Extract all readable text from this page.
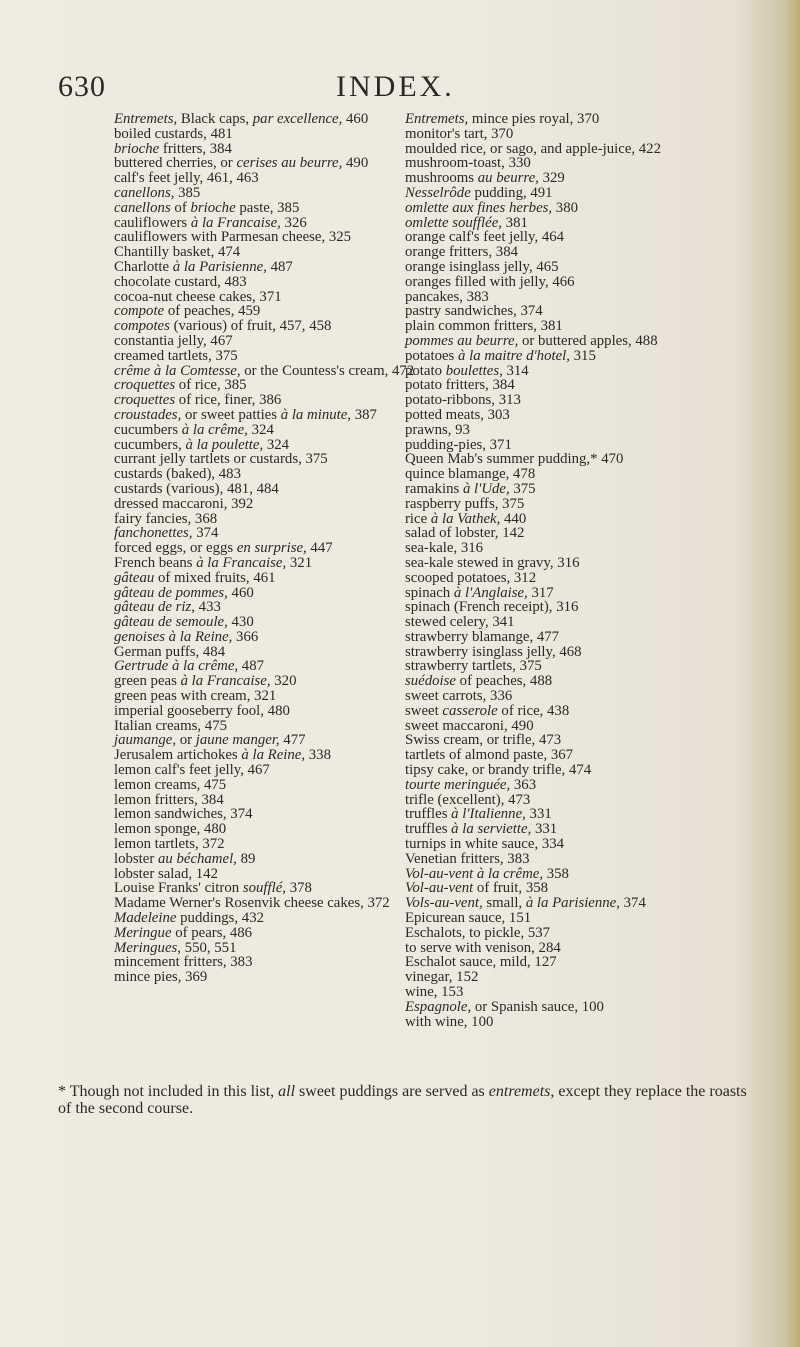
630	INDEX.
Entremets, Black caps, par excellence, 460
boiled custards, 481
brioche fritters, 384
buttered cherries, or cerises au beurre, 490
calf's feet jelly, 461, 463
canellons, 385
canellons of brioche paste, 385
cauliflowers à la Francaise, 326
cauliflowers with Parmesan cheese, 325
Chantilly basket, 474
Charlotte à la Parisienne, 487
chocolate custard, 483
cocoa-nut cheese cakes, 371
compote of peaches, 459
compotes (various) of fruit, 457, 458
constantia jelly, 467
creamed tartlets, 375
crême à la Comtesse, or the Countess's cream, 472
croquettes of rice, 385
croquettes of rice, finer, 386
croustades, or sweet patties à la minute, 387
cucumbers à la crême, 324
cucumbers, à la poulette, 324
currant jelly tartlets or custards, 375
custards (baked), 483
custards (various), 481, 484
dressed maccaroni, 392
fairy fancies, 368
fanchonettes, 374
forced eggs, or eggs en surprise, 447
French beans à la Francaise, 321
gâteau of mixed fruits, 461
gâteau de pommes, 460
gâteau de riz, 433
gâteau de semoule, 430
genoises à la Reine, 366
German puffs, 484
Gertrude à la crême, 487
green peas à la Francaise, 320
green peas with cream, 321
imperial gooseberry fool, 480
Italian creams, 475
jaumange, or jaune manger, 477
Jerusalem artichokes à la Reine, 338
lemon calf's feet jelly, 467
lemon creams, 475
lemon fritters, 384
lemon sandwiches, 374
lemon sponge, 480
lemon tartlets, 372
lobster au béchamel, 89
lobster salad, 142
Louise Franks' citron soufflé, 378
Madame Werner's Rosenvik cheese cakes, 372
Madeleine puddings, 432
Meringue of pears, 486
Meringues, 550, 551
mincement fritters, 383
mince pies, 369
Entremets, mince pies royal, 370
monitor's tart, 370
moulded rice, or sago, and apple-juice, 422
mushroom-toast, 330
mushrooms au beurre, 329
Nesselrôde pudding, 491
omlette aux fines herbes, 380
omlette soufflée, 381
orange calf's feet jelly, 464
orange fritters, 384
orange isinglass jelly, 465
oranges filled with jelly, 466
pancakes, 383
pastry sandwiches, 374
plain common fritters, 381
pommes au beurre, or buttered apples, 488
potatoes à la maitre d'hotel, 315
potato boulettes, 314
potato fritters, 384
potato-ribbons, 313
potted meats, 303
prawns, 93
pudding-pies, 371
Queen Mab's summer pudding,* 470
quince blamange, 478
ramakins à l'Ude, 375
raspberry puffs, 375
rice à la Vathek, 440
salad of lobster, 142
sea-kale, 316
sea-kale stewed in gravy, 316
scooped potatoes, 312
spinach à l'Anglaise, 317
spinach (French receipt), 316
stewed celery, 341
strawberry blamange, 477
strawberry isinglass jelly, 468
strawberry tartlets, 375
suédoise of peaches, 488
sweet carrots, 336
sweet casserole of rice, 438
sweet maccaroni, 490
Swiss cream, or trifle, 473
tartlets of almond paste, 367
tipsy cake, or brandy trifle, 474
tourte meringuée, 363
trifle (excellent), 473
truffles à l'Italienne, 331
truffles à la serviette, 331
turnips in white sauce, 334
Venetian fritters, 383
Vol-au-vent à la crême, 358
Vol-au-vent of fruit, 358
Vols-au-vent, small, à la Parisienne, 374
Epicurean sauce, 151
Eschalots, to pickle, 537
to serve with venison, 284
Eschalot sauce, mild, 127
vinegar, 152
wine, 153
Espagnole, or Spanish sauce, 100
with wine, 100
* Though not included in this list, all sweet puddings are served as entremets, except they replace the roasts of the second course.
